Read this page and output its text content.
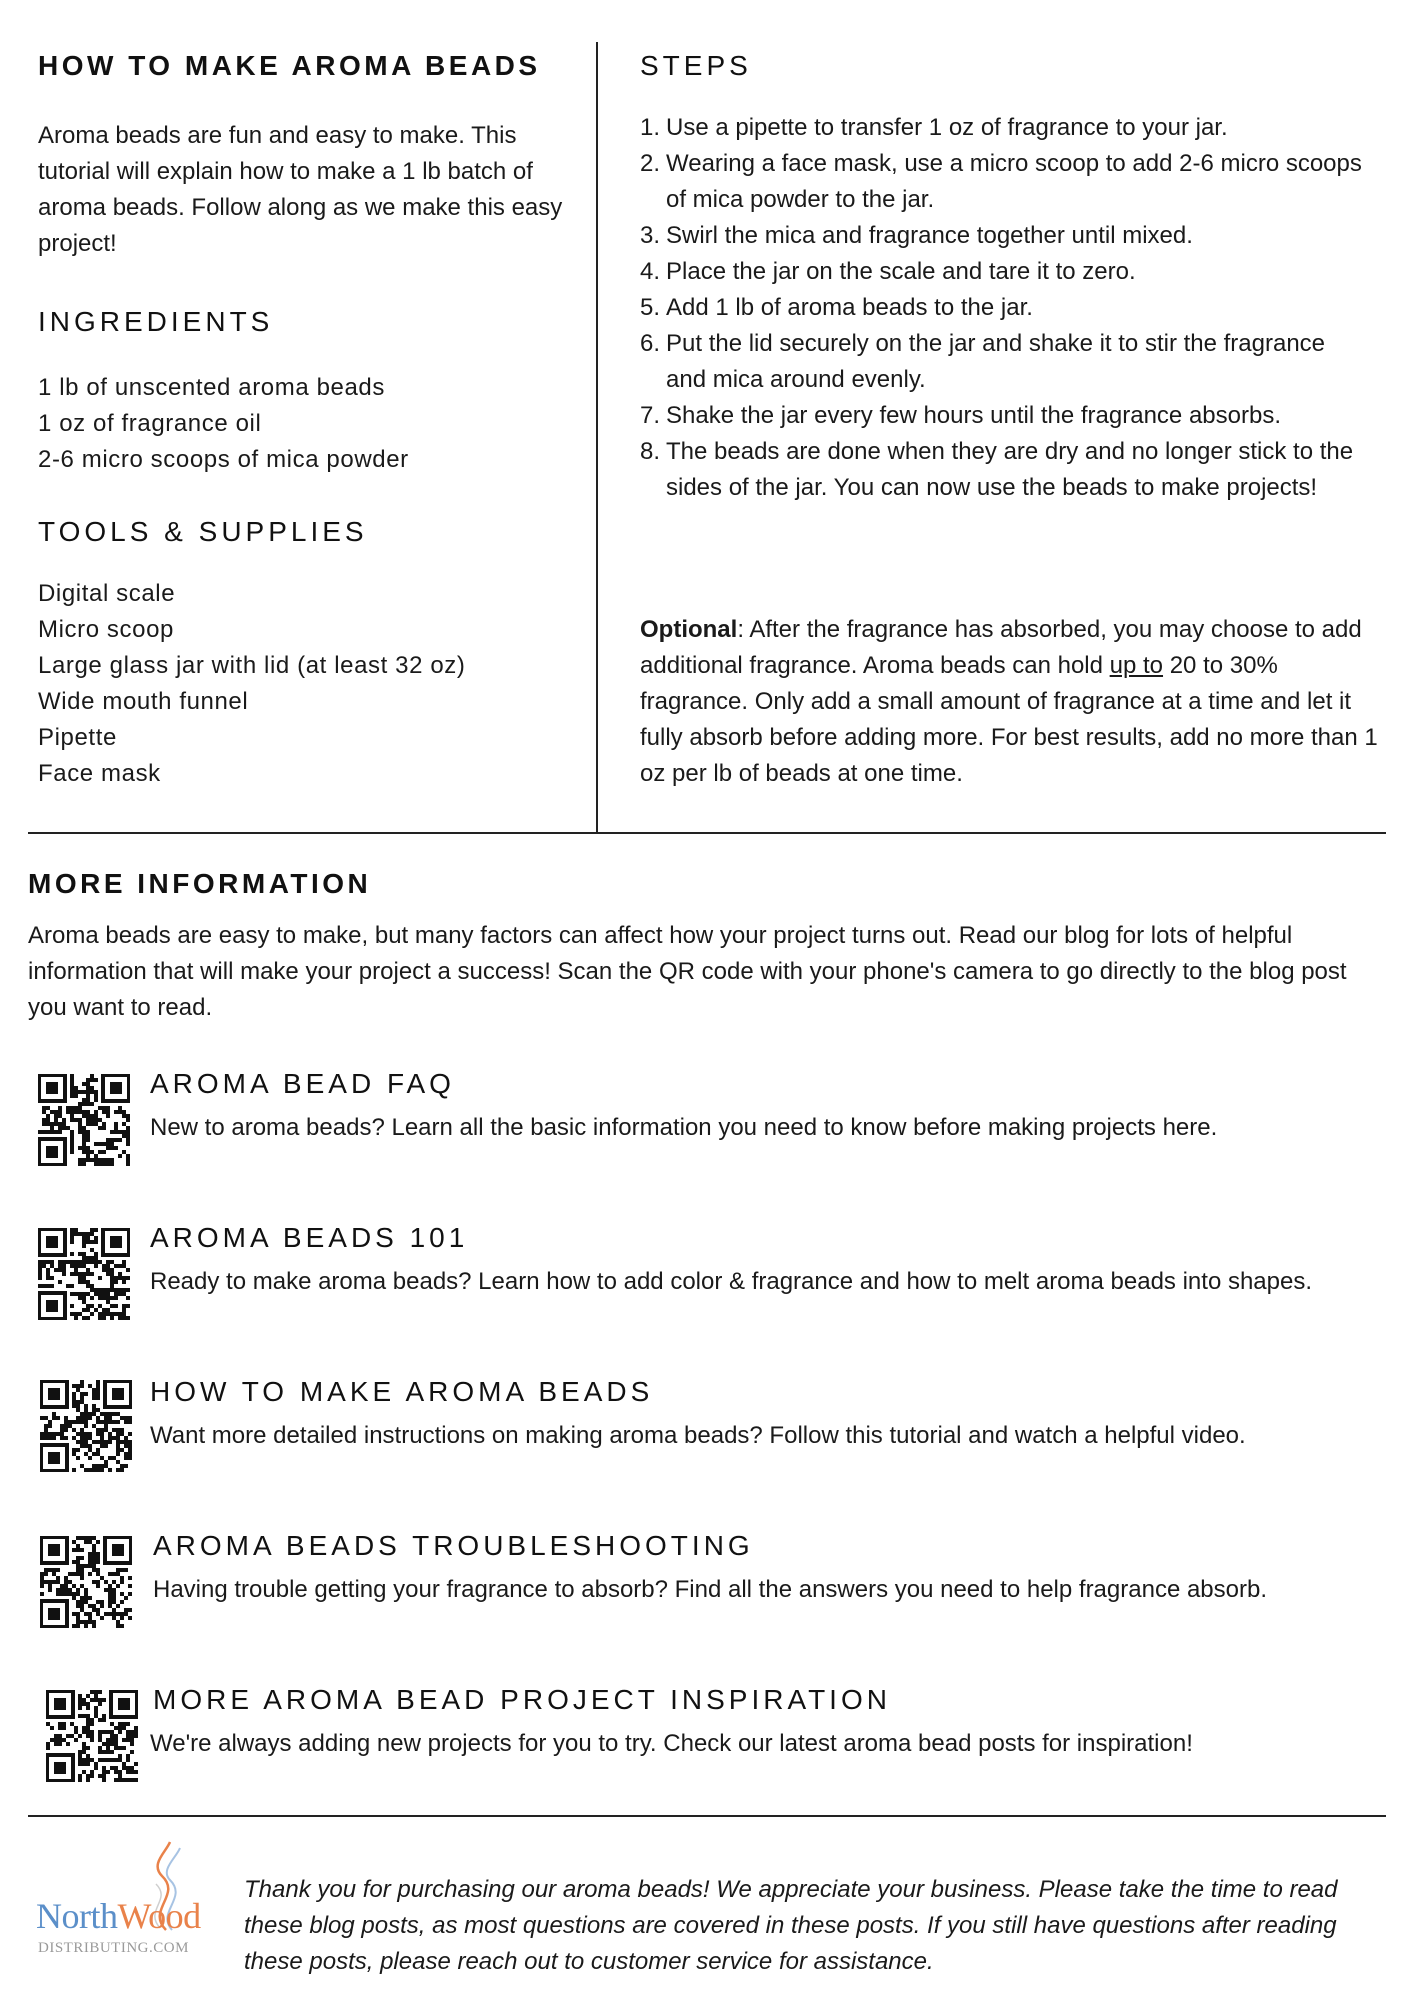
HOW TO MAKE AROMA BEADS
Aroma beads are fun and easy to make. This tutorial will explain how to make a 1 lb batch of aroma beads. Follow along as we make this easy project!
INGREDIENTS
1 lb of unscented aroma beads
1 oz of fragrance oil
2-6 micro scoops of mica powder
TOOLS & SUPPLIES
Digital scale
Micro scoop
Large glass jar with lid (at least 32 oz)
Wide mouth funnel
Pipette
Face mask
STEPS
1. Use a pipette to transfer 1 oz of fragrance to your jar.
2. Wearing a face mask, use a micro scoop to add 2-6 micro scoops of mica powder to the jar.
3. Swirl the mica and fragrance together until mixed.
4. Place the jar on the scale and tare it to zero.
5. Add 1 lb of aroma beads to the jar.
6. Put the lid securely on the jar and shake it to stir the fragrance and mica around evenly.
7. Shake the jar every few hours until the fragrance absorbs.
8. The beads are done when they are dry and no longer stick to the sides of the jar. You can now use the beads to make projects!
Optional: After the fragrance has absorbed, you may choose to add additional fragrance. Aroma beads can hold up to 20 to 30% fragrance. Only add a small amount of fragrance at a time and let it fully absorb before adding more. For best results, add no more than 1 oz per lb of beads at one time.
MORE INFORMATION
Aroma beads are easy to make, but many factors can affect how your project turns out. Read our blog for lots of helpful information that will make your project a success! Scan the QR code with your phone's camera to go directly to the blog post you want to read.
AROMA BEAD FAQ
New to aroma beads? Learn all the basic information you need to know before making projects here.
AROMA BEADS 101
Ready to make aroma beads? Learn how to add color & fragrance and how to melt aroma beads into shapes.
HOW TO MAKE AROMA BEADS
Want more detailed instructions on making aroma beads? Follow this tutorial and watch a helpful video.
AROMA BEADS TROUBLESHOOTING
Having trouble getting your fragrance to absorb? Find all the answers you need to help fragrance absorb.
MORE AROMA BEAD PROJECT INSPIRATION
We're always adding new projects for you to try. Check our latest aroma bead posts for inspiration!
NorthWood
DISTRIBUTING.COM
Thank you for purchasing our aroma beads! We appreciate your business. Please take the time to read these blog posts, as most questions are covered in these posts. If you still have questions after reading these posts, please reach out to customer service for assistance.
